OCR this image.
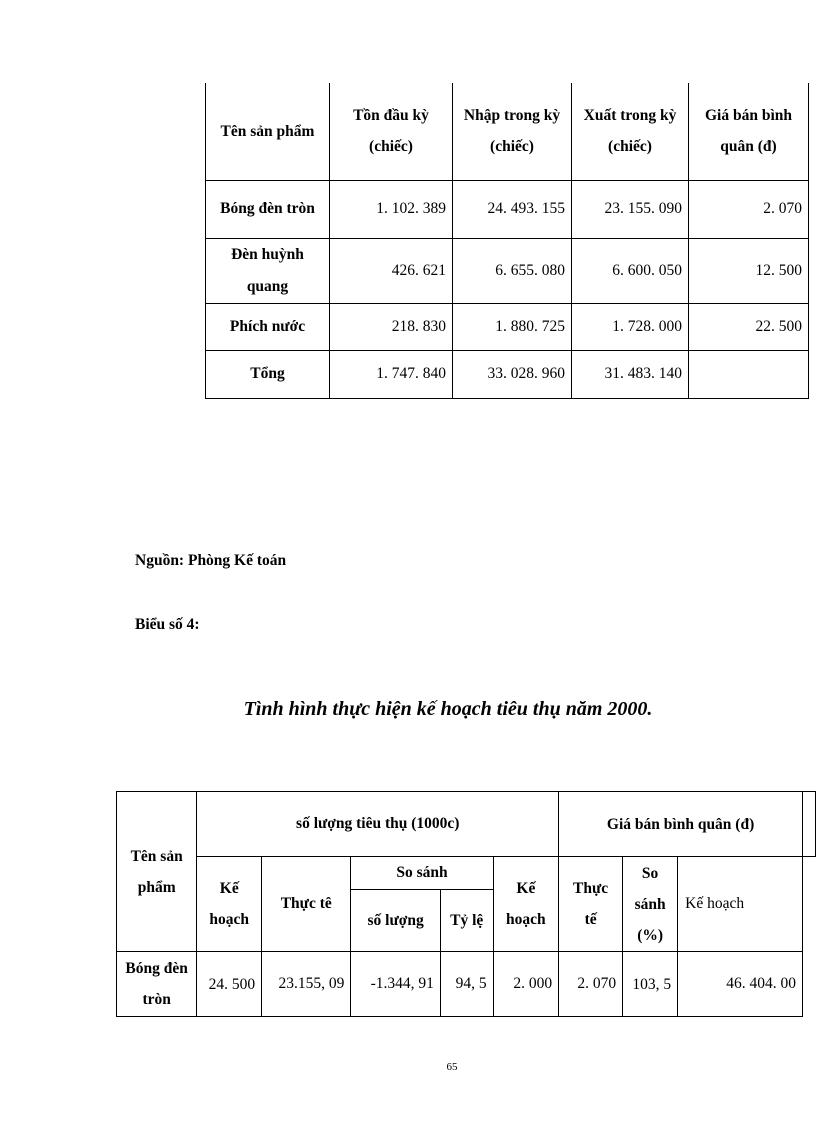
Tên sản phẩm	Tồn đầu kỳ (chiếc)	Nhập trong kỳ (chiếc)	Xuất trong kỳ (chiếc)	Giá bán bình quân (đ)
Bóng đèn tròn	1. 102. 389	24. 493. 155	23. 155. 090	2. 070
Đèn huỳnh quang	426. 621	6. 655. 080	6. 600. 050	12. 500
Phích nước	218. 830	1. 880. 725	1. 728. 000	22. 500
Tổng	1. 747. 840	33. 028. 960	31. 483. 140	
Nguồn: Phòng Kế toán
Biểu số 4:
Tình hình thực hiện kế hoạch tiêu thụ năm 2000.
Tên sản phẩm	số lượng tiêu thụ (1000c)					Giá bán bình quân (đ)			
	Kế hoạch	Thực tê	So sánh		Kế hoạch	Thực tế	So sánh (%)	Kế hoạch	
			số lượng	Tỷ lệ					
Bóng đèn tròn	24. 500	23.155, 09	-1.344, 91	94, 5	2. 000	2. 070	103, 5	46. 404. 00	
65
